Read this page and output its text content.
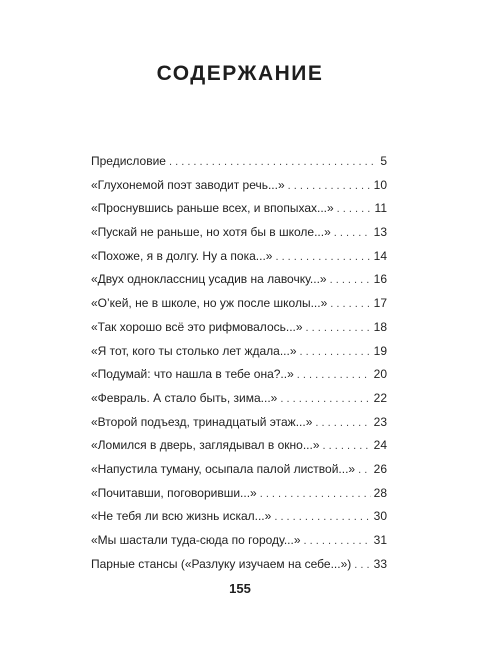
СОДЕРЖАНИЕ
Предисловие . . .	5
«Глухонемой поэт заводит речь...» . . .	10
«Проснувшись раньше всех, и впопыхах...» . . .	11
«Пускай не раньше, но хотя бы в школе...» . . .	13
«Похоже, я в долгу. Ну а пока...» . . .	14
«Двух одноклассниц усадив на лавочку...» . . .	16
«О’кей, не в школе, но уж после школы...» . . .	17
«Так хорошо всё это рифмовалось...» . . .	18
«Я тот, кого ты столько лет ждала...» . . .	19
«Подумай: что нашла в тебе она?..» . . .	20
«Февраль. А стало быть, зима...» . . .	22
«Второй подъезд, тринадцатый этаж...» . . .	23
«Ломился в дверь, заглядывал в окно...» . . .	24
«Напустила туману, осыпала палой листвой...» . . . 26
«Почитавши, поговоривши...» . . .	28
«Не тебя ли всю жизнь искал...» . . .	30
«Мы шастали туда-сюда по городу...» . . .	31
Парные стансы («Разлуку изучаем на себе...») . . . 33
155
